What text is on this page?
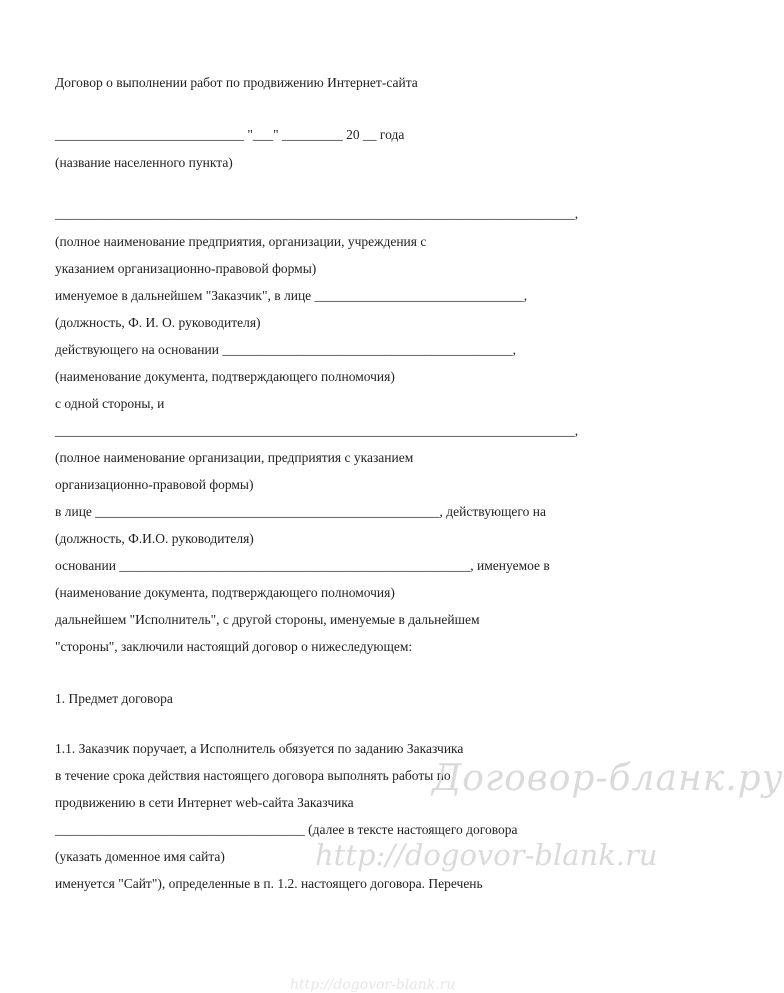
Договор о выполнении работ по продвижению Интернет-сайта

____________________________ "___" _________ 20 __ года

(название населенного пункта)

_____________________________________________________________________________,

(полное наименование предприятия, организации, учреждения с

указанием организационно-правовой формы)

именуемое в дальнейшем "Заказчик", в лице _______________________________,

(должность, Ф. И. О. руководителя)

действующего на основании ___________________________________________,

(наименование документа, подтверждающего полномочия)

с одной стороны, и

_____________________________________________________________________________,

(полное наименование организации, предприятия с указанием

организационно-правовой формы)

в лице ___________________________________________________, действующего на

(должность, Ф.И.О. руководителя)

основании ____________________________________________________, именуемое в

(наименование документа, подтверждающего полномочия)

дальнейшем "Исполнитель", с другой стороны, именуемые в дальнейшем

"стороны", заключили настоящий договор о нижеследующем:

1. Предмет договора

1.1. Заказчик поручает, а Исполнитель обязуется по заданию Заказчика

в течение срока действия настоящего договора выполнять работы по

продвижению в сети Интернет web-сайта Заказчика

_____________________________________ (далее в тексте настоящего договора

(указать доменное имя сайта)

именуется "Сайт"), определенные в п. 1.2. настоящего договора. Перечень

Договор-бланк.ру

http://dogovor-blank.ru

http://dogovor-blank.ru
